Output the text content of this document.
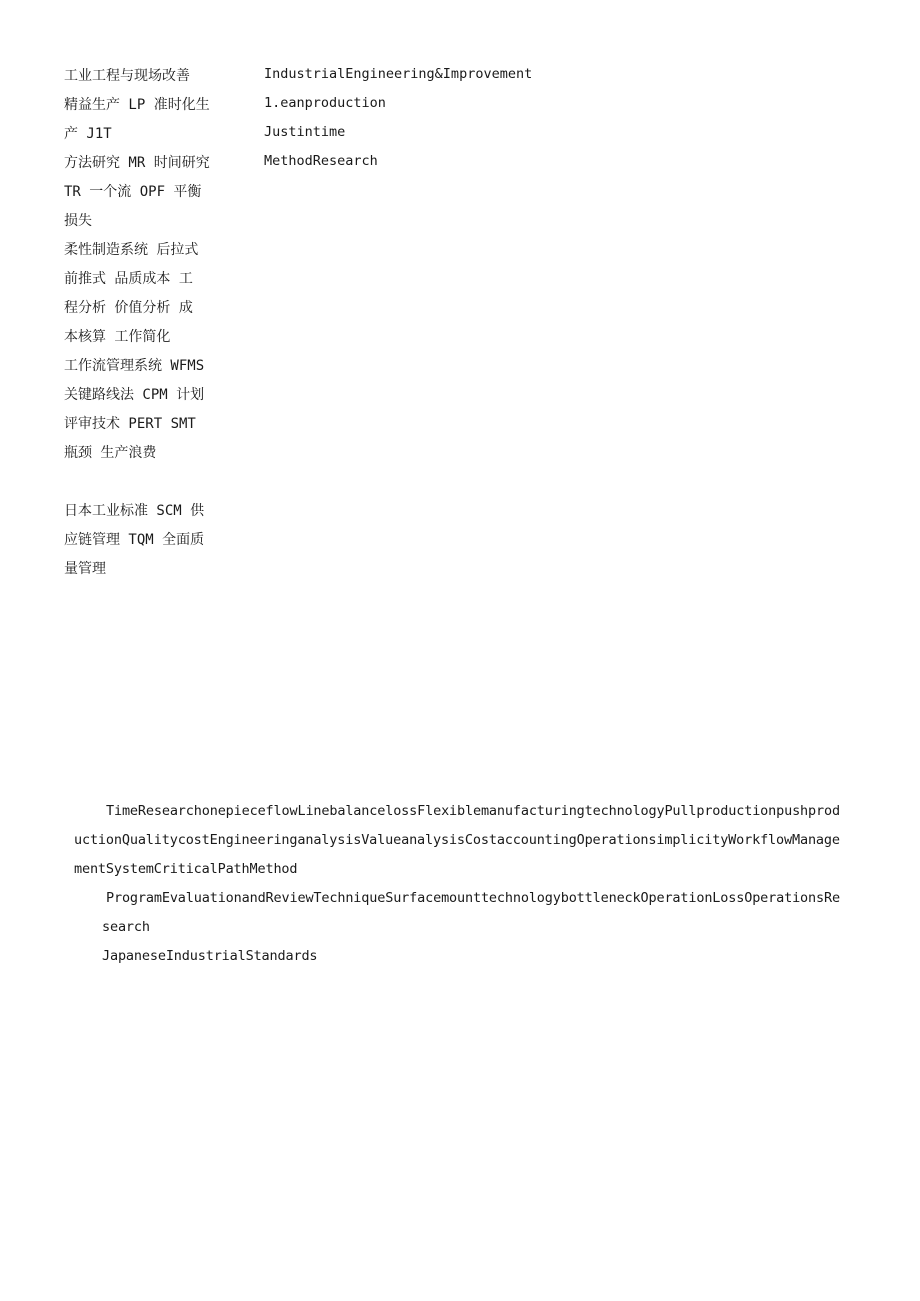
工业工程与现场改善
精益生产 LP 准时化生
产 J1T
方法研究 MR 时间研究
TR 一个流 OPF 平衡
损失
柔性制造系统 后拉式
前推式 品质成本 工
程分析 价值分析 成
本核算 工作简化
工作流管理系统 WFMS
关键路线法 CPM 计划
评审技术 PERT SMT
瓶颈 生产浪费
日本工业标准 SCM 供
应链管理 TQM 全面质
量管理
IndustrialEngineering&Improvement
1.eanproduction
Justintime
MethodResearch
TimeResearchonepieceflowLinebalancelossFlexiblemanufacturingtechnologyPullproductionpushproductionQualitycostEngineeringanalysisValueanalysisCostaccountingOperationsimplicityWorkflowManagementSystemCriticalPathMethod
ProgramEvaluationandReviewTechniqueSurfacemounttechnologybottleneckOperationLossOperationsResearch
JapaneseIndustrialStandards
